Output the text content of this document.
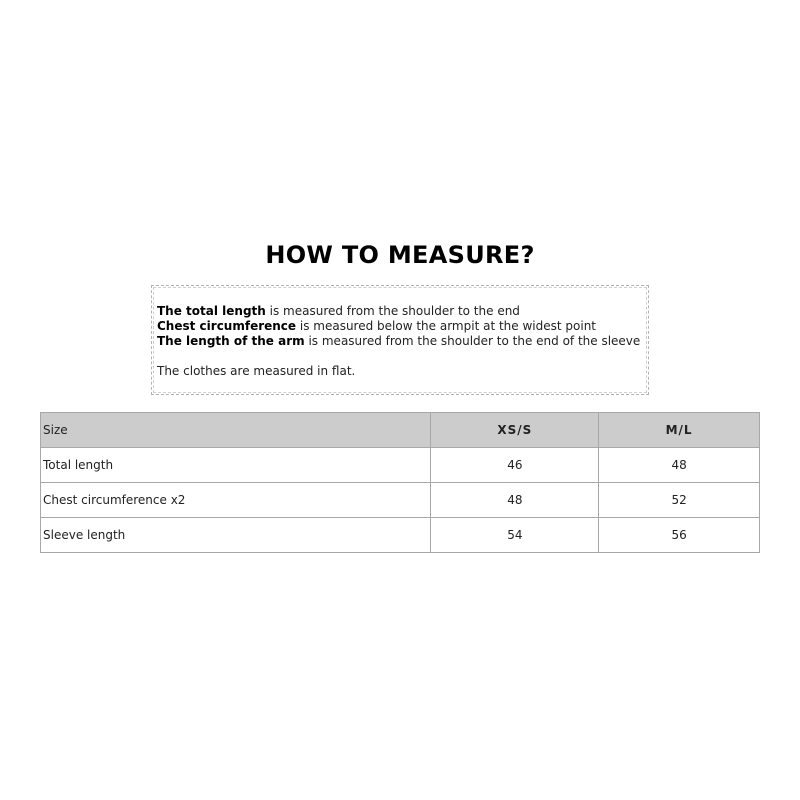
HOW TO MEASURE?
The total length is measured from the shoulder to the end
Chest circumference is measured below the armpit at the widest point
The length of the arm is measured from the shoulder to the end of the sleeve
The clothes are measured in flat.
Size	XS/S	M/L
Total length	46	48
Chest circumference x2	48	52
Sleeve length	54	56
